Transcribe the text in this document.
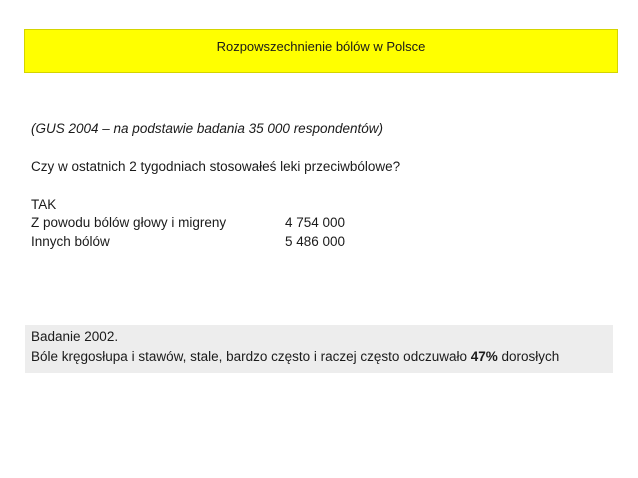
Rozpowszechnienie bólów w Polsce
(GUS 2004 – na podstawie badania 35 000 respondentów)
Czy w ostatnich 2 tygodniach stosowałeś leki przeciwbólowe?
TAK
Z powodu bólów głowy i migreny	4 754 000
Innych bólów	5 486 000
Badanie 2002.
Bóle kręgosłupa i stawów, stale, bardzo często i raczej często odczuwało 47% dorosłych
